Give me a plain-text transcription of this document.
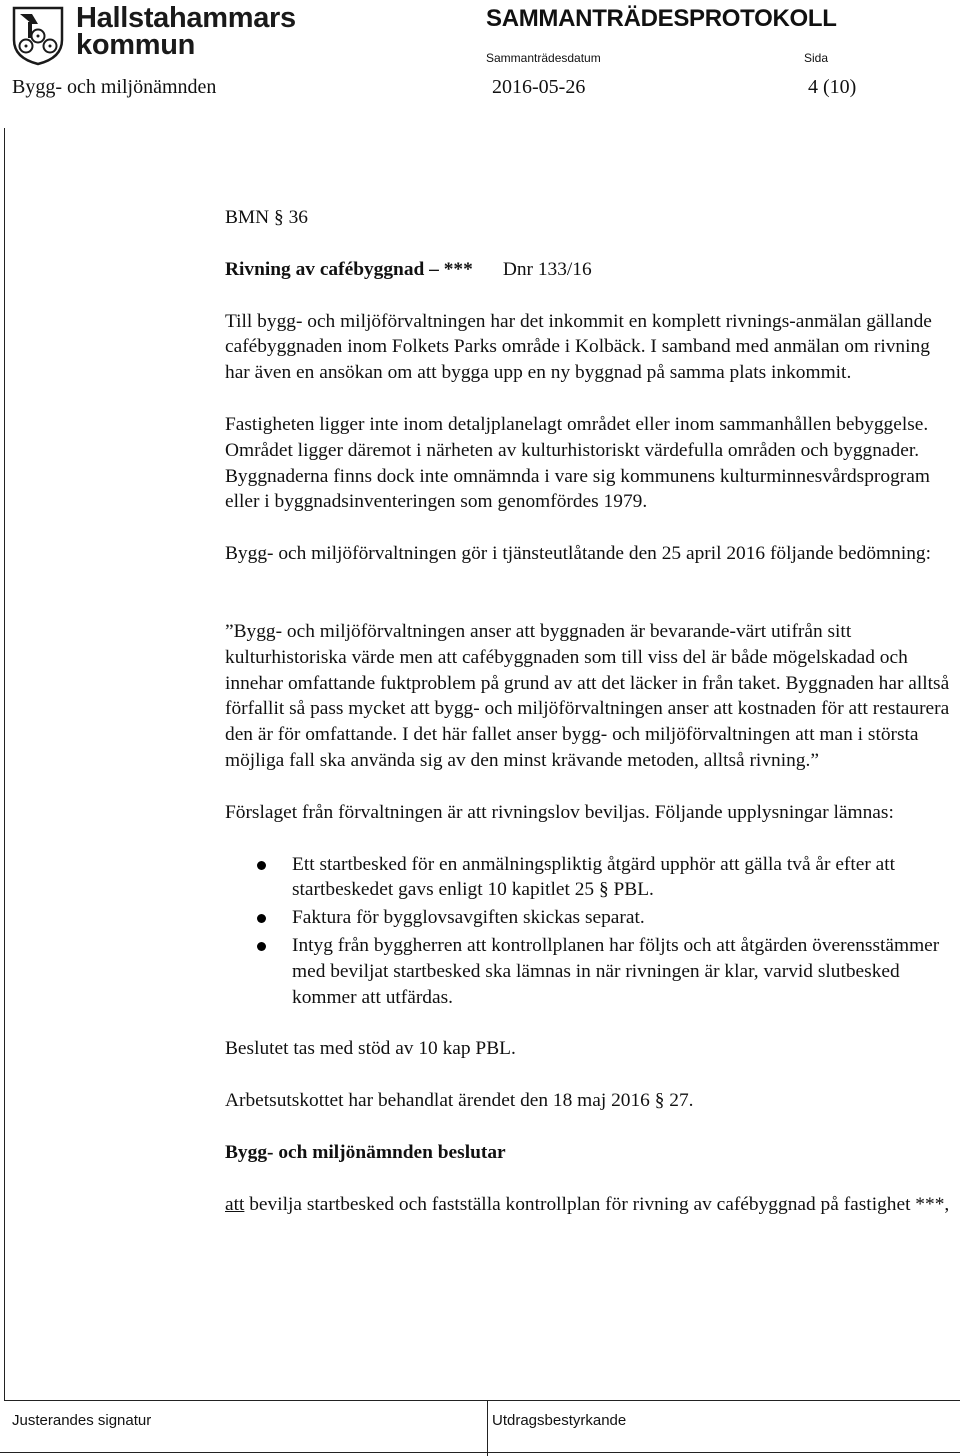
Hallstahammars
kommun
SAMMANTRÄDESPROTOKOLL
Sammanträdesdatum	Sida
Bygg- och miljönämnden	2016-05-26	4 (10)

BMN § 36

Rivning av cafébyggnad – *** Dnr 133/16

Till bygg- och miljöförvaltningen har det inkommit en komplett rivnings-anmälan gällande cafébyggnaden inom Folkets Parks område i Kolbäck. I samband med anmälan om rivning har även en ansökan om att bygga upp en ny byggnad på samma plats inkommit.

Fastigheten ligger inte inom detaljplanelagt området eller inom sammanhållen bebyggelse. Området ligger däremot i närheten av kulturhistoriskt värdefulla områden och byggnader. Byggnaderna finns dock inte omnämnda i vare sig kommunens kulturminnesvårdsprogram eller i byggnadsinventeringen som genomfördes 1979.

Bygg- och miljöförvaltningen gör i tjänsteutlåtande den 25 april 2016 följande bedömning:

”Bygg- och miljöförvaltningen anser att byggnaden är bevarande-värt utifrån sitt kulturhistoriska värde men att cafébyggnaden som till viss del är både mögelskadad och innehar omfattande fuktproblem på grund av att det läcker in från taket. Byggnaden har alltså förfallit så pass mycket att bygg- och miljöförvaltningen anser att kostnaden för att restaurera den är för omfattande. I det här fallet anser bygg- och miljöförvaltningen att man i största möjliga fall ska använda sig av den minst krävande metoden, alltså rivning.”

Förslaget från förvaltningen är att rivningslov beviljas. Följande upplysningar lämnas:

Ett startbesked för en anmälningspliktig åtgärd upphör att gälla två år efter att startbeskedet gavs enligt 10 kapitlet 25 § PBL.
Faktura för bygglovsavgiften skickas separat.
Intyg från byggherren att kontrollplanen har följts och att åtgärden överensstämmer med beviljat startbesked ska lämnas in när rivningen är klar, varvid slutbesked kommer att utfärdas.

Beslutet tas med stöd av 10 kap PBL.

Arbetsutskottet har behandlat ärendet den 18 maj 2016 § 27.

Bygg- och miljönämnden beslutar

att bevilja startbesked och fastställa kontrollplan för rivning av cafébyggnad på fastighet ***,

Justerandes signatur	Utdragsbestyrkande
